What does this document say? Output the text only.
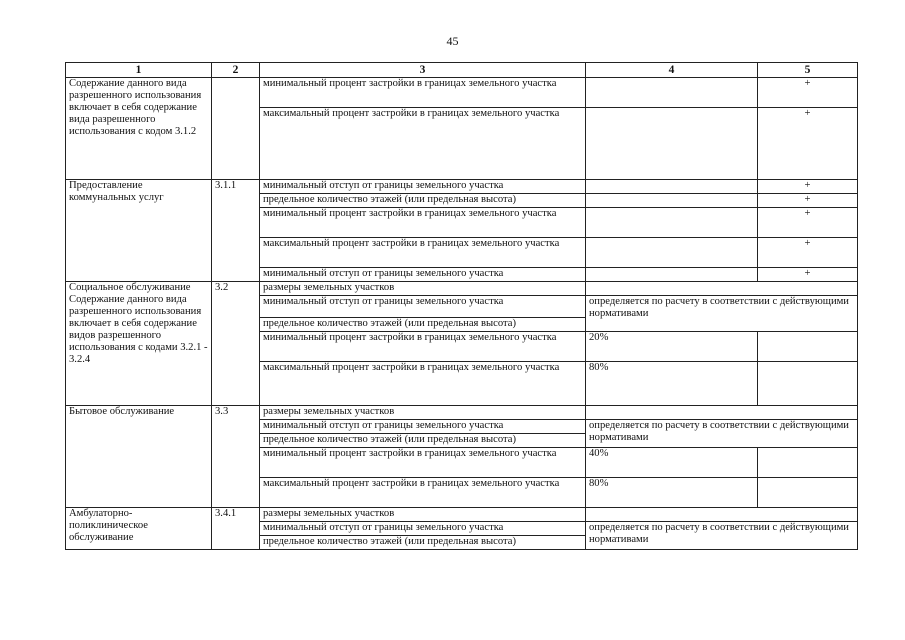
45
1	2	3	4	5
Содержание данного вида разрешенного использования включает в себя содержание вида разрешенного использования с кодом 3.1.2		минимальный процент застройки в границах земельного участка		+
		максимальный процент застройки в границах земельного участка		+
Предоставление коммунальных услуг	3.1.1	минимальный отступ от границы земельного участка		+
		предельное количество этажей (или предельная высота)		+
		минимальный процент застройки в границах земельного участка		+
		максимальный процент застройки в границах земельного участка		+
		минимальный отступ от границы земельного участка		+
Социальное обслуживание Содержание данного вида разрешенного использования включает в себя содержание видов разрешенного использования с кодами 3.2.1 - 3.2.4	3.2	размеры земельных участков		
		минимальный отступ от границы земельного участка	определяется по расчету в соответствии с действующими нормативами	
		предельное количество этажей (или предельная высота)		
		минимальный процент застройки в границах земельного участка	20%	
		максимальный процент застройки в границах земельного участка	80%	
Бытовое обслуживание	3.3	размеры земельных участков		
		минимальный отступ от границы земельного участка	определяется по расчету в соответствии с действующими нормативами	
		предельное количество этажей (или предельная высота)		
		минимальный процент застройки в границах земельного участка	40%	
		максимальный процент застройки в границах земельного участка	80%	
Амбулаторно-поликлиническое обслуживание	3.4.1	размеры земельных участков		
		минимальный отступ от границы земельного участка	определяется по расчету в соответствии с действующими нормативами	
		предельное количество этажей (или предельная высота)		
